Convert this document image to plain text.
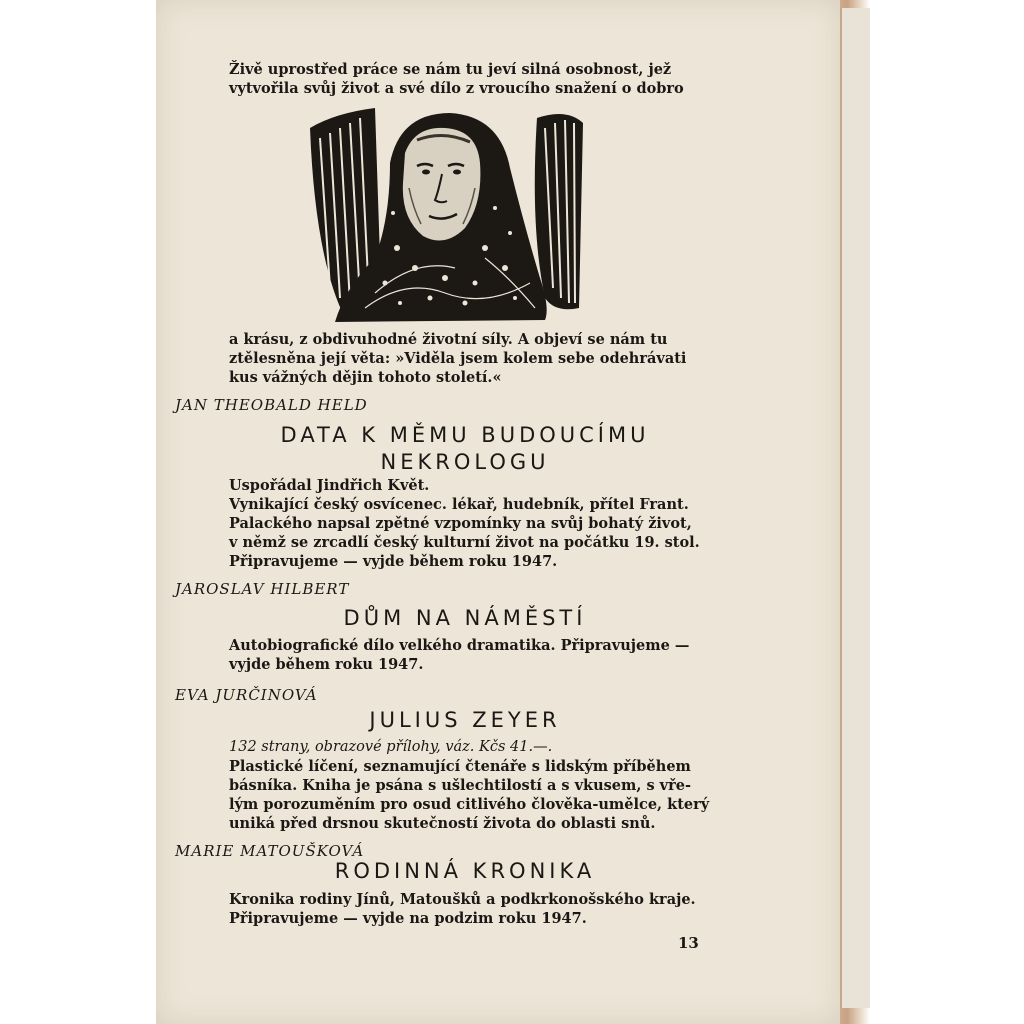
Živě uprostřed práce se nám tu jeví silná osobnost, jež
vytvořila svůj život a své dílo z vroucího snažení o dobro
a krásu, z obdivuhodné životní síly. A objeví se nám tu
ztělesněna její věta: »Viděla jsem kolem sebe odehrávati
kus vážných dějin tohoto století.«
JAN THEOBALD HELD
DATA K MĚMU BUDOUCÍMU
NEKROLOGU
Uspořádal Jindřich Květ.
Vynikající český osvícenec. lékař, hudebník, přítel Frant.
Palackého napsal zpětné vzpomínky na svůj bohatý život,
v němž se zrcadlí český kulturní život na počátku 19. stol.
Připravujeme — vyjde během roku 1947.
JAROSLAV HILBERT
DŮM NA NÁMĚSTÍ
Autobiografické dílo velkého dramatika. Připravujeme —
vyjde během roku 1947.
EVA JURČINOVÁ
JULIUS ZEYER
132 strany, obrazové přílohy, váz. Kčs 41.—.
Plastické líčení, seznamující čtenáře s lidským příběhem
básníka. Kniha je psána s ušlechtilostí a s vkusem, s vře-
lým porozuměním pro osud citlivého člověka-umělce, který
uniká před drsnou skutečností života do oblasti snů.
MARIE MATOUŠKOVÁ
RODINNÁ KRONIKA
Kronika rodiny Jínů, Matoušků a podkrkonošského kraje.
Připravujeme — vyjde na podzim roku 1947.
13
